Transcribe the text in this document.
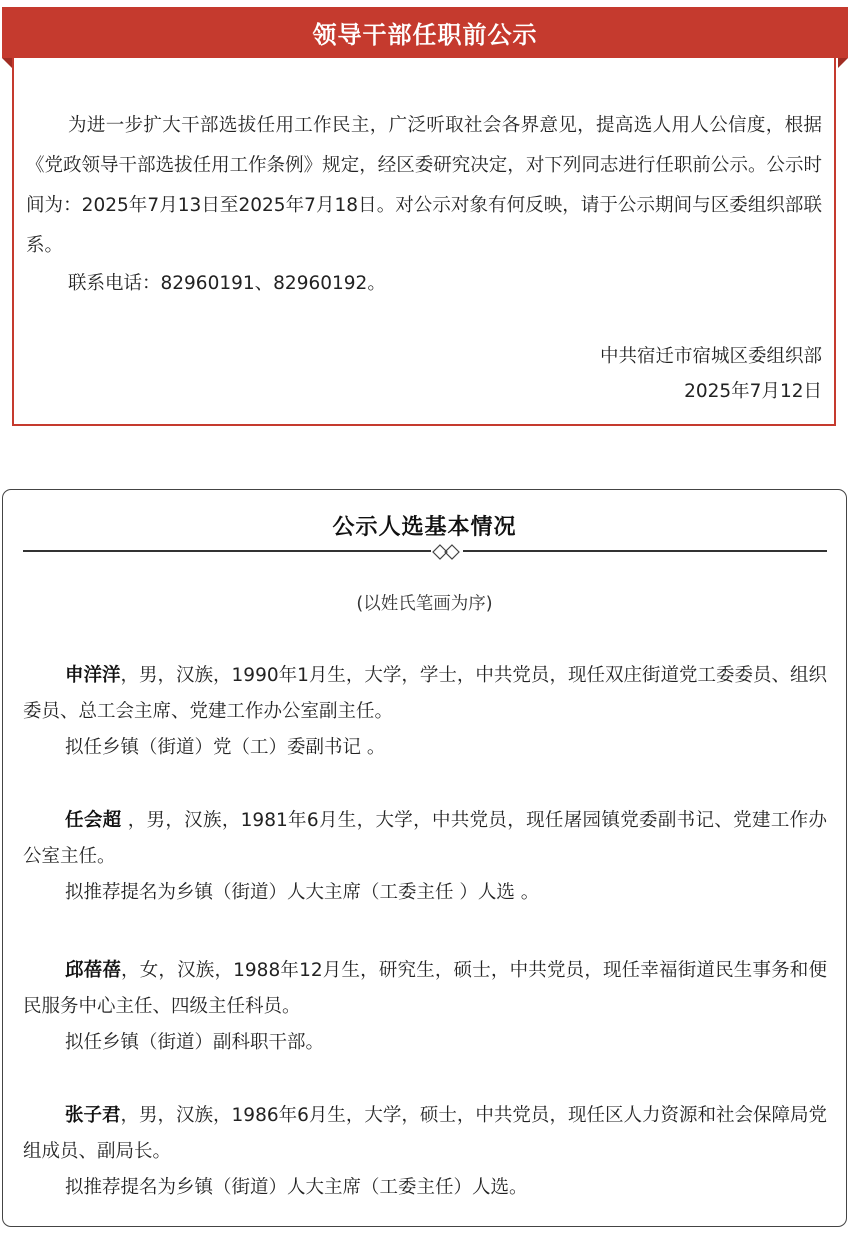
领导干部任职前公示

为进一步扩大干部选拔任用工作民主，广泛听取社会各界意见，提高选人用人公信度，根据《党政领导干部选拔任用工作条例》规定，经区委研究决定，对下列同志进行任职前公示。公示时间为：2025年7月13日至2025年7月18日。对公示对象有何反映，请于公示期间与区委组织部联系。

联系电话：82960191、82960192。

中共宿迁市宿城区委组织部
2025年7月12日
公示人选基本情况
(以姓氏笔画为序)

申洋洋，男，汉族，1990年1月生，大学，学士，中共党员，现任双庄街道党工委委员、组织委员、总工会主席、党建工作办公室副主任。

拟任乡镇（街道）党（工）委副书记 。

任会超 ，男，汉族，1981年6月生，大学，中共党员，现任屠园镇党委副书记、党建工作办公室主任。

拟推荐提名为乡镇（街道）人大主席（工委主任 ）人选 。

邱蓓蓓，女，汉族，1988年12月生，研究生，硕士，中共党员，现任幸福街道民生事务和便民服务中心主任、四级主任科员。

拟任乡镇（街道）副科职干部。

张子君，男，汉族，1986年6月生，大学，硕士，中共党员，现任区人力资源和社会保障局党组成员、副局长。

拟推荐提名为乡镇（街道）人大主席（工委主任）人选。
